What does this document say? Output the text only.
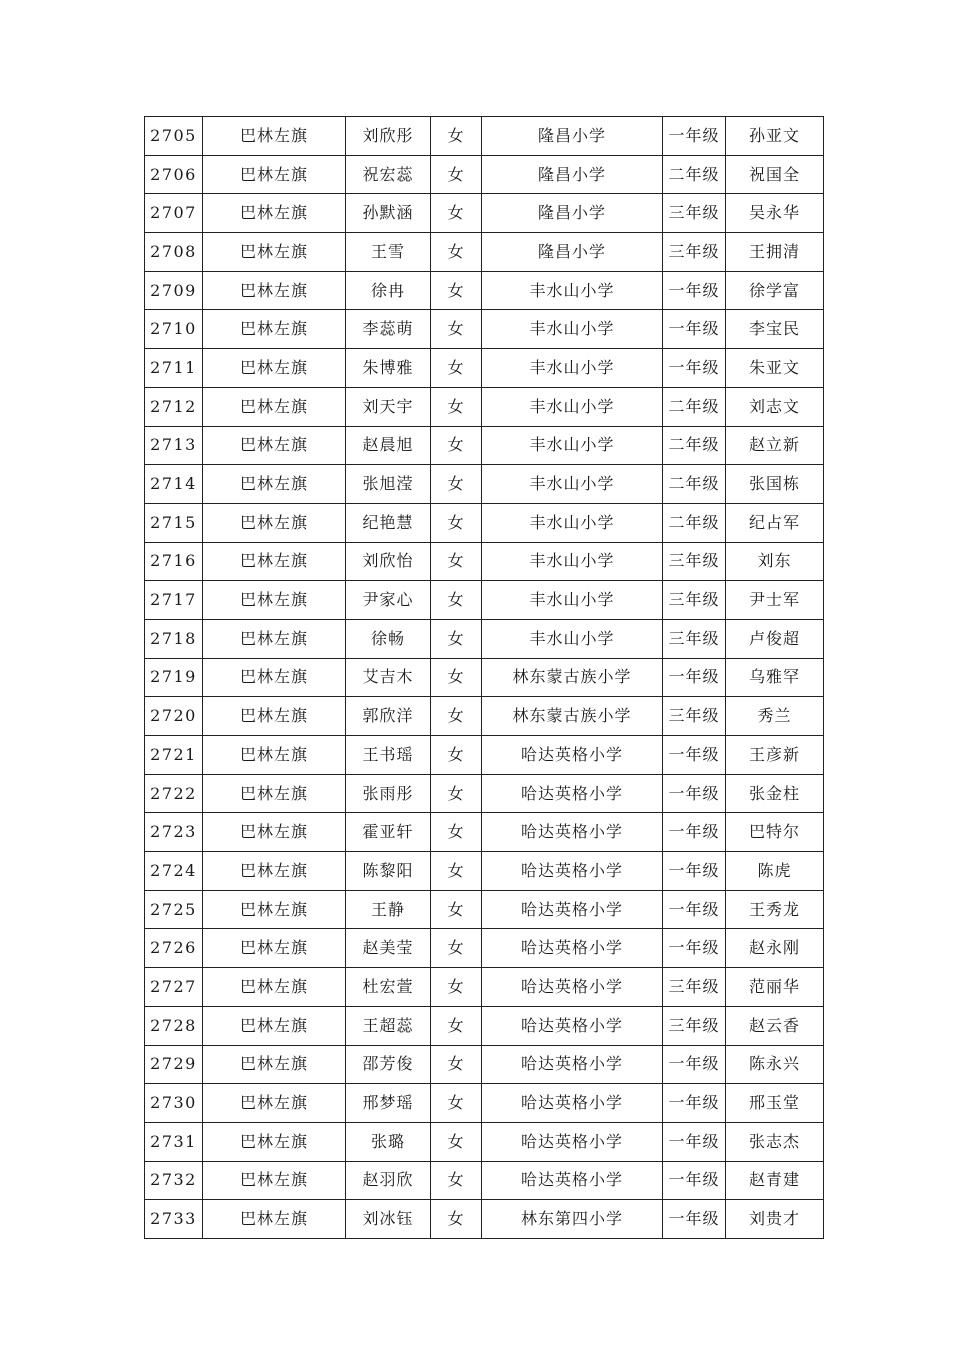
2705	巴林左旗	刘欣彤	女	隆昌小学	一年级	孙亚文
2706	巴林左旗	祝宏蕊	女	隆昌小学	二年级	祝国全
2707	巴林左旗	孙默涵	女	隆昌小学	三年级	吴永华
2708	巴林左旗	王雪	女	隆昌小学	三年级	王拥清
2709	巴林左旗	徐冉	女	丰水山小学	一年级	徐学富
2710	巴林左旗	李蕊萌	女	丰水山小学	一年级	李宝民
2711	巴林左旗	朱博雅	女	丰水山小学	一年级	朱亚文
2712	巴林左旗	刘天宇	女	丰水山小学	二年级	刘志文
2713	巴林左旗	赵晨旭	女	丰水山小学	二年级	赵立新
2714	巴林左旗	张旭滢	女	丰水山小学	二年级	张国栋
2715	巴林左旗	纪艳慧	女	丰水山小学	二年级	纪占军
2716	巴林左旗	刘欣怡	女	丰水山小学	三年级	刘东
2717	巴林左旗	尹家心	女	丰水山小学	三年级	尹士军
2718	巴林左旗	徐畅	女	丰水山小学	三年级	卢俊超
2719	巴林左旗	艾吉木	女	林东蒙古族小学	一年级	乌雅罕
2720	巴林左旗	郭欣洋	女	林东蒙古族小学	三年级	秀兰
2721	巴林左旗	王书瑶	女	哈达英格小学	一年级	王彦新
2722	巴林左旗	张雨彤	女	哈达英格小学	一年级	张金柱
2723	巴林左旗	霍亚轩	女	哈达英格小学	一年级	巴特尔
2724	巴林左旗	陈黎阳	女	哈达英格小学	一年级	陈虎
2725	巴林左旗	王静	女	哈达英格小学	一年级	王秀龙
2726	巴林左旗	赵美莹	女	哈达英格小学	一年级	赵永刚
2727	巴林左旗	杜宏萱	女	哈达英格小学	三年级	范丽华
2728	巴林左旗	王超蕊	女	哈达英格小学	三年级	赵云香
2729	巴林左旗	邵芳俊	女	哈达英格小学	一年级	陈永兴
2730	巴林左旗	邢梦瑶	女	哈达英格小学	一年级	邢玉堂
2731	巴林左旗	张璐	女	哈达英格小学	一年级	张志杰
2732	巴林左旗	赵羽欣	女	哈达英格小学	一年级	赵青建
2733	巴林左旗	刘冰钰	女	林东第四小学	一年级	刘贵才
